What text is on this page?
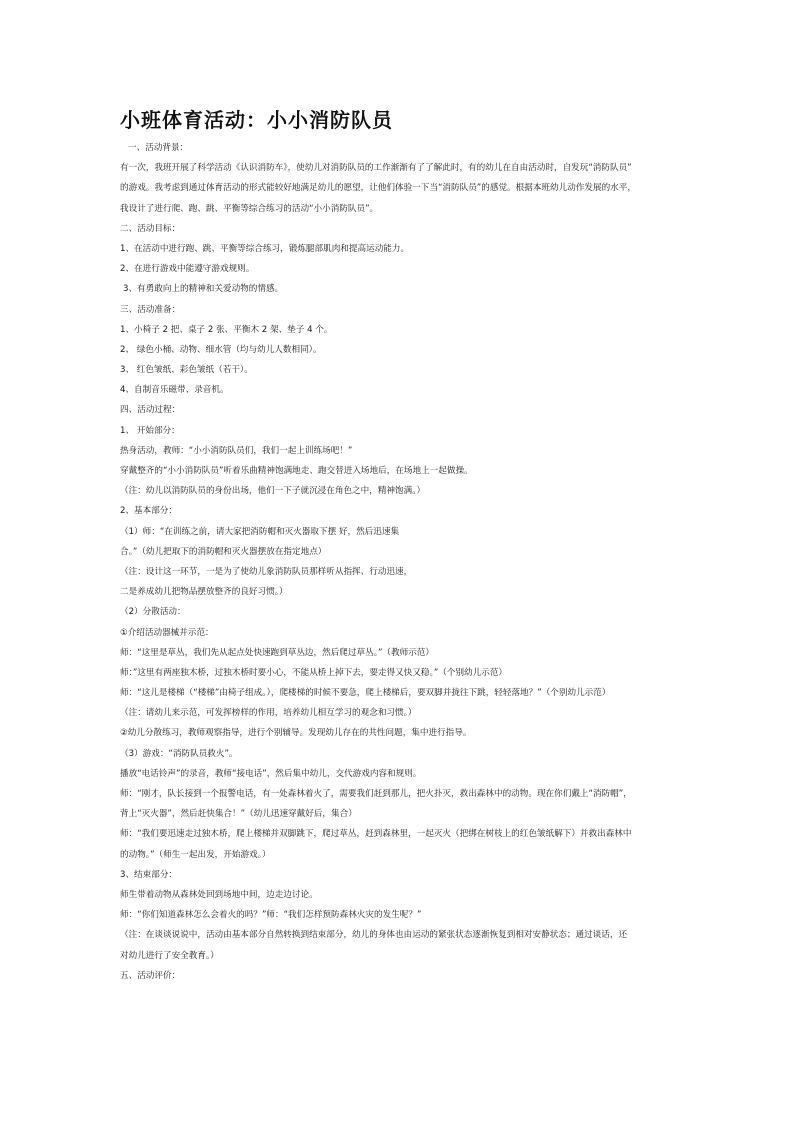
小班体育活动：小小消防队员
一、活动背景：
有一次，我班开展了科学活动《认识消防车》，使幼儿对消防队员的工作渐渐有了了解此时，有的幼儿在自由活动时，自发玩“消防队员”
的游戏。我考虑到通过体育活动的形式能较好地满足幼儿的愿望，让他们体验一下当“消防队员”的感觉。根据本班幼儿动作发展的水平，
我设计了进行爬、跑、跳、平衡等综合练习的活动“小小消防队员”。
二、活动目标：
1、在活动中进行跑、跳、平衡等综合练习，锻炼腿部肌肉和提高运动能力。
2、在进行游戏中能遵守游戏规则。
3、有勇敢向上的精神和关爱动物的情感。
三、活动准备：
1、小椅子 2 把、桌子 2 张、平衡木 2 架、垫子 4 个。
2、 绿色小桶、动物、细水管（均与幼儿人数相同）。
3、 红色皱纸、彩色皱纸（若干）。
4、自制音乐磁带、录音机。
四、活动过程：
1、 开始部分：
热身活动，教师：“小小消防队员们，我们一起上训练场吧！”
穿戴整齐的“小小消防队员”听着乐曲精神饱满地走、跑交替进入场地后，在场地上一起做操。
（注：幼儿以消防队员的身份出场，他们一下子就沉浸在角色之中，精神饱满。）
2、基本部分：
（1）师：“在训练之前，请大家把消防帽和灭火器取下摆 好，然后迅速集
合。”（幼儿把取下的消防帽和灭火器摆放在指定地点）
（注：设计这一环节，一是为了使幼儿象消防队员那样听从指挥、行动迅速，
二是养成幼儿把物品摆放整齐的良好习惯。）
（2）分散活动：
①介绍活动器械并示范：
师：“这里是草丛，我们先从起点处快速跑到草丛边，然后爬过草丛。”（教师示范）
师：”这里有两座独木桥，过独木桥时要小心，不能从桥上掉下去，要走得又快又稳。”（个别幼儿示范）
师：“这儿是楼梯（“楼梯”由椅子组成。），爬楼梯的时候不要急，爬上楼梯后，要双脚并拢往下跳，轻轻落地？”（个别幼儿示范）
（注：请幼儿来示范，可发挥榜样的作用，培养幼儿相互学习的观念和习惯。）
②幼儿分散练习，教师观察指导，进行个别辅导。发现幼儿存在的共性问题，集中进行指导。
（3）游戏：“消防队员救火”。
播放“电话铃声”的录音，教师“接电话”，然后集中幼儿，交代游戏内容和规则。
师：“刚才，队长接到一个报警电话，有一处森林着火了，需要我们赶到那儿，把火扑灭，救出森林中的动物。现在你们戴上“消防帽”，
背上“灭火器”，然后赶快集合！”（幼儿迅速穿戴好后，集合）
师：“我们要迅速走过独木桥，爬上楼梯并双脚跳下，爬过草丛，赶到森林里，一起灭火（把绑在树枝上的红色皱纸解下）并救出森林中
的动物。”（师生一起出发，开始游戏。）
3、结束部分：
师生带着动物从森林处回到场地中间，边走边讨论。
师：“你们知道森林怎么会着火的吗？”师：“我们怎样预防森林火灾的发生呢？”
（注：在谈谈说说中，活动由基本部分自然转换到结束部分，幼儿的身体也由运动的紧张状态逐渐恢复到相对安静状态；通过谈话，还
对幼儿进行了安全教育。）
五、活动评价：
